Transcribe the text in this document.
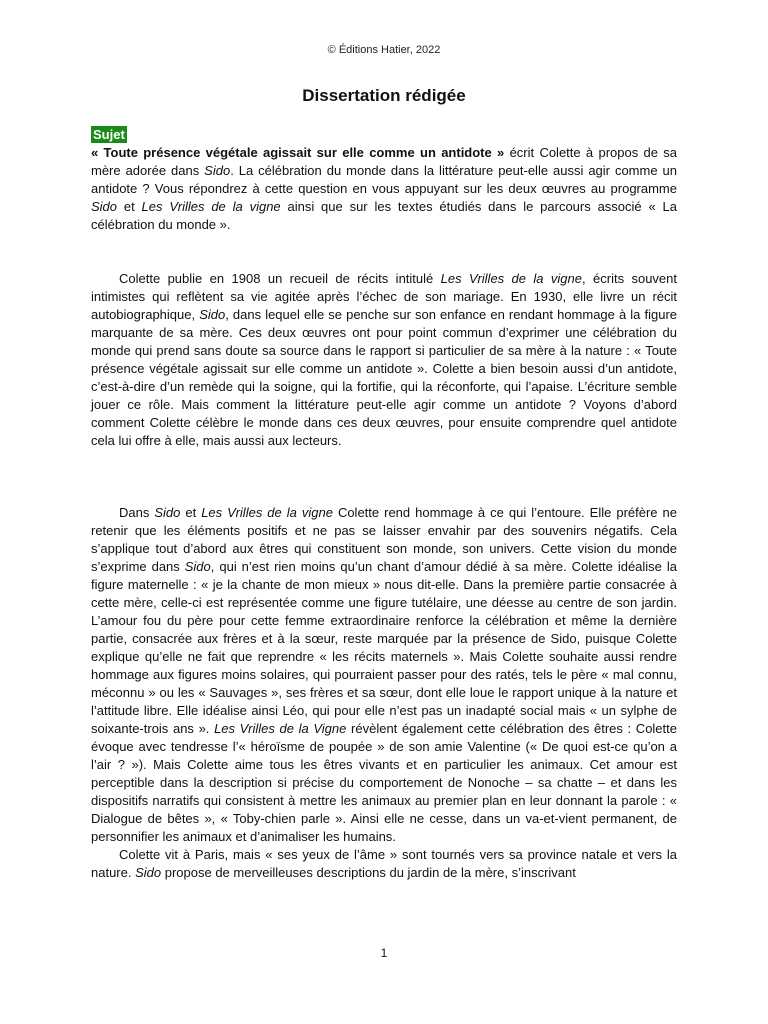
© Éditions Hatier, 2022
Dissertation rédigée
Sujet

« Toute présence végétale agissait sur elle comme un antidote » écrit Colette à propos de sa mère adorée dans Sido. La célébration du monde dans la littérature peut-elle aussi agir comme un antidote ? Vous répondrez à cette question en vous appuyant sur les deux œuvres au programme Sido et Les Vrilles de la vigne ainsi que sur les textes étudiés dans le parcours associé « La célébration du monde ».

Colette publie en 1908 un recueil de récits intitulé Les Vrilles de la vigne, écrits souvent intimistes qui reflètent sa vie agitée après l’échec de son mariage. En 1930, elle livre un récit autobiographique, Sido, dans lequel elle se penche sur son enfance en rendant hommage à la figure marquante de sa mère. Ces deux œuvres ont pour point commun d’exprimer une célébration du monde qui prend sans doute sa source dans le rapport si particulier de sa mère à la nature : « Toute présence végétale agissait sur elle comme un antidote ». Colette a bien besoin aussi d’un antidote, c’est-à-dire d’un remède qui la soigne, qui la fortifie, qui la réconforte, qui l’apaise. L’écriture semble jouer ce rôle. Mais comment la littérature peut-elle agir comme un antidote ? Voyons d’abord comment Colette célèbre le monde dans ces deux œuvres, pour ensuite comprendre quel antidote cela lui offre à elle, mais aussi aux lecteurs.

Dans Sido et Les Vrilles de la vigne Colette rend hommage à ce qui l’entoure. Elle préfère ne retenir que les éléments positifs et ne pas se laisser envahir par des souvenirs négatifs. Cela s’applique tout d’abord aux êtres qui constituent son monde, son univers. Cette vision du monde s’exprime dans Sido, qui n’est rien moins qu’un chant d’amour dédié à sa mère. Colette idéalise la figure maternelle : « je la chante de mon mieux » nous dit-elle. Dans la première partie consacrée à cette mère, celle-ci est représentée comme une figure tutélaire, une déesse au centre de son jardin. L’amour fou du père pour cette femme extraordinaire renforce la célébration et même la dernière partie, consacrée aux frères et à la sœur, reste marquée par la présence de Sido, puisque Colette explique qu’elle ne fait que reprendre « les récits maternels ». Mais Colette souhaite aussi rendre hommage aux figures moins solaires, qui pourraient passer pour des ratés, tels le père « mal connu, méconnu » ou les « Sauvages », ses frères et sa sœur, dont elle loue le rapport unique à la nature et l’attitude libre. Elle idéalise ainsi Léo, qui pour elle n’est pas un inadapté social mais « un sylphe de soixante-trois ans ». Les Vrilles de la Vigne révèlent également cette célébration des êtres : Colette évoque avec tendresse l’« héroïsme de poupée » de son amie Valentine (« De quoi est-ce qu’on a l’air ? »). Mais Colette aime tous les êtres vivants et en particulier les animaux. Cet amour est perceptible dans la description si précise du comportement de Nonoche – sa chatte – et dans les dispositifs narratifs qui consistent à mettre les animaux au premier plan en leur donnant la parole : « Dialogue de bêtes », « Toby-chien parle ». Ainsi elle ne cesse, dans un va-et-vient permanent, de personnifier les animaux et d’animaliser les humains.

Colette vit à Paris, mais « ses yeux de l’âme » sont tournés vers sa province natale et vers la nature. Sido propose de merveilleuses descriptions du jardin de la mère, s’inscrivant

1
